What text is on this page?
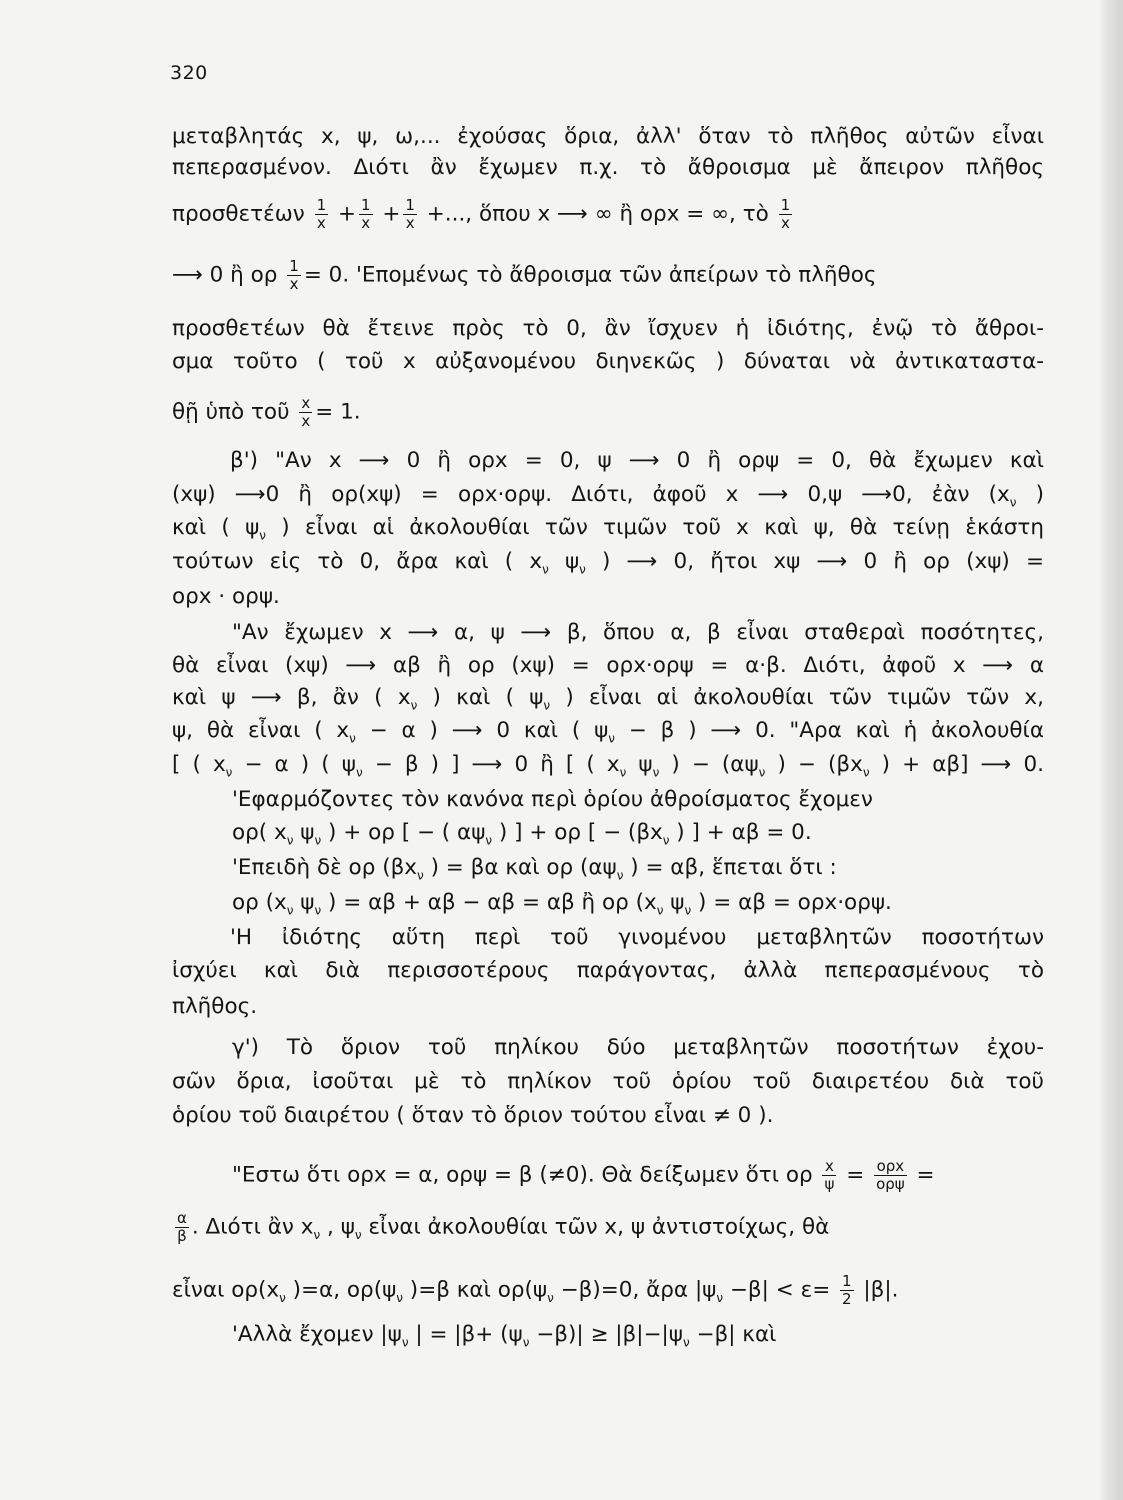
320
μεταβλητάς x, ψ, ω,... ἐχούσας ὅρια, ἀλλ' ὅταν τὸ πλῆθος αὐτῶν εἶναι
πεπερασμένον. Διότι ἂν ἔχωμεν π.χ. τὸ ἄθροισμα μὲ ἄπειρον πλῆθος
προσθετέων $\frac{1}{x} + \frac{1}{x} + \frac{1}{x}$ +..., ὅπου x ⟶ ∞ ἢ ορx = ∞, τὸ $\frac{1}{x}$
⟶ 0 ἢ ορ $\frac{1}{x} = 0$. 'Επομένως τὸ ἄθροισμα τῶν ἀπείρων τὸ πλῆθος
προσθετέων θὰ ἔτεινε πρὸς τὸ 0, ἂν ἴσχυεν ἡ ἰδιότης, ἐνῷ τὸ ἄθροι-
σμα τοῦτο ( τοῦ x αὐξανομένου διηνεκῶς ) δύναται νὰ ἀντικαταστα-
θῇ ὑπὸ τοῦ $\frac{x}{x} = 1$.
β') "Αν x ⟶ 0 ἢ ορx = 0, ψ ⟶ 0 ἢ ορψ = 0, θὰ ἔχωμεν καὶ
(xψ) ⟶0 ἢ ορ(xψ) = ορx·ορψ. Διότι, ἀφοῦ x ⟶ 0,ψ ⟶0, ἐὰν ($x_\nu$ )
καὶ ( $\psi_\nu$ ) εἶναι αἱ ἀκολουθίαι τῶν τιμῶν τοῦ x καὶ ψ, θὰ τείνῃ ἑκάστη
τούτων εἰς τὸ 0, ἄρα καὶ ( $x_\nu$ $\psi_\nu$ ) ⟶ 0, ἤτοι xψ ⟶ 0 ἢ ορ (xψ) =
ορx · ορψ.
"Αν ἔχωμεν x ⟶ α, ψ ⟶ β, ὅπου α, β εἶναι σταθεραὶ ποσότητες,
θὰ εἶναι (xψ) ⟶ αβ ἢ ορ (xψ) = ορx·ορψ = α·β. Διότι, ἀφοῦ x ⟶ α
καὶ ψ ⟶ β, ἂν ( $x_\nu$ ) καὶ ( $\psi_\nu$ ) εἶναι αἱ ἀκολουθίαι τῶν τιμῶν τῶν x,
ψ, θὰ εἶναι ( $x_\nu - \alpha$ ) ⟶ 0 καὶ ( $\psi_\nu - \beta$ ) ⟶ 0. "Αρα καὶ ἡ ἀκολουθία
[ ( $x_\nu - \alpha$ ) ( $\psi_\nu - \beta$ ) ] ⟶ 0 ἢ [ ( $x_\nu$ $\psi_\nu$ ) − ($\alpha\psi_\nu$ ) − ($\beta x_\nu$ ) + αβ] ⟶ 0.
'Εφαρμόζοντες τὸν κανόνα περὶ ὁρίου ἀθροίσματος ἔχομεν
ορ( $x_\nu$ $\psi_\nu$ ) + ορ [ − ( $\alpha\psi_\nu$ ) ] + ορ [ − ($\beta x_\nu$ ) ] + αβ = 0.
'Επειδὴ δὲ ορ ($\beta x_\nu$ ) = βα καὶ ορ ($\alpha\psi_\nu$ ) = αβ, ἕπεται ὅτι :
ορ ($x_\nu$ $\psi_\nu$ ) = αβ + αβ − αβ = αβ ἢ ορ ($x_\nu$ $\psi_\nu$ ) = αβ = ορx·ορψ.
'Η ἰδιότης αὕτη περὶ τοῦ γινομένου μεταβλητῶν ποσοτήτων
ἰσχύει καὶ διὰ περισσοτέρους παράγοντας, ἀλλὰ πεπερασμένους τὸ
πλῆθος.
γ') Τὸ ὅριον τοῦ πηλίκου δύο μεταβλητῶν ποσοτήτων ἐχου-
σῶν ὅρια, ἰσοῦται μὲ τὸ πηλίκον τοῦ ὁρίου τοῦ διαιρετέου διὰ τοῦ
ὁρίου τοῦ διαιρέτου ( ὅταν τὸ ὅριον τούτου εἶναι ≠ 0 ).
"Εστω ὅτι ορx = α, ορψ = β (≠0). Θὰ δείξωμεν ὅτι ορ $\frac{x}{\psi} = \frac{\text{ορx}}{\text{ορψ}}$ =
$\frac{\alpha}{\beta}$ . Διότι ἂν $x_\nu$ , $\psi_\nu$ εἶναι ἀκολουθίαι τῶν x, ψ ἀντιστοίχως, θὰ
εἶναι $o\rho(x_\nu$ )=α, $o\rho(\psi_\nu$ )=β καὶ $o\rho(\psi_\nu -\beta)=0$, ἄρα $|\psi_\nu -\beta| < \varepsilon= \frac{1}{2} |\beta|$.
'Αλλὰ ἔχομεν $|\psi_\nu$ | = $|\beta+ (\psi_\nu -\beta)| \ge |\beta|-|\psi_\nu -\beta|$ καὶ
